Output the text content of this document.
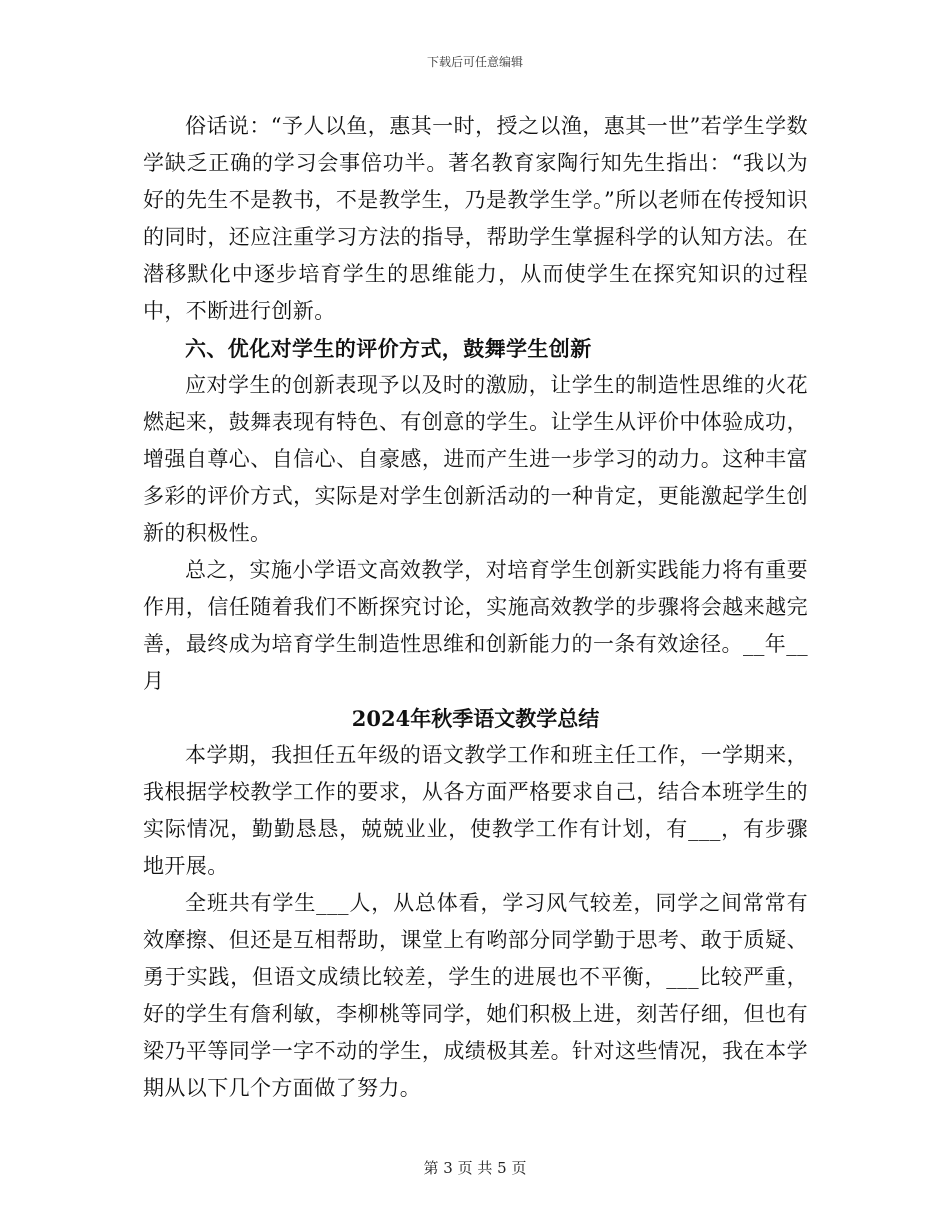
下载后可任意编辑

俗话说：“予人以鱼，惠其一时，授之以渔，惠其一世”若学生学数学缺乏正确的学习会事倍功半。著名教育家陶行知先生指出：“我以为好的先生不是教书，不是教学生，乃是教学生学。”所以老师在传授知识的同时，还应注重学习方法的指导，帮助学生掌握科学的认知方法。在潜移默化中逐步培育学生的思维能力，从而使学生在探究知识的过程中，不断进行创新。

六、优化对学生的评价方式，鼓舞学生创新

应对学生的创新表现予以及时的激励，让学生的制造性思维的火花燃起来，鼓舞表现有特色、有创意的学生。让学生从评价中体验成功，增强自尊心、自信心、自豪感，进而产生进一步学习的动力。这种丰富多彩的评价方式，实际是对学生创新活动的一种肯定，更能激起学生创新的积极性。

总之，实施小学语文高效教学，对培育学生创新实践能力将有重要作用，信任随着我们不断探究讨论，实施高效教学的步骤将会越来越完善，最终成为培育学生制造性思维和创新能力的一条有效途径。__年__月

2024年秋季语文教学总结

本学期，我担任五年级的语文教学工作和班主任工作，一学期来，我根据学校教学工作的要求，从各方面严格要求自己，结合本班学生的实际情况，勤勤恳恳，兢兢业业，使教学工作有计划，有___，有步骤地开展。

全班共有学生___人，从总体看，学习风气较差，同学之间常常有效摩擦、但还是互相帮助，课堂上有哟部分同学勤于思考、敢于质疑、勇于实践，但语文成绩比较差，学生的进展也不平衡，___比较严重，好的学生有詹利敏，李柳桃等同学，她们积极上进，刻苦仔细，但也有梁乃平等同学一字不动的学生，成绩极其差。针对这些情况，我在本学期从以下几个方面做了努力。

第 3 页 共 5 页
